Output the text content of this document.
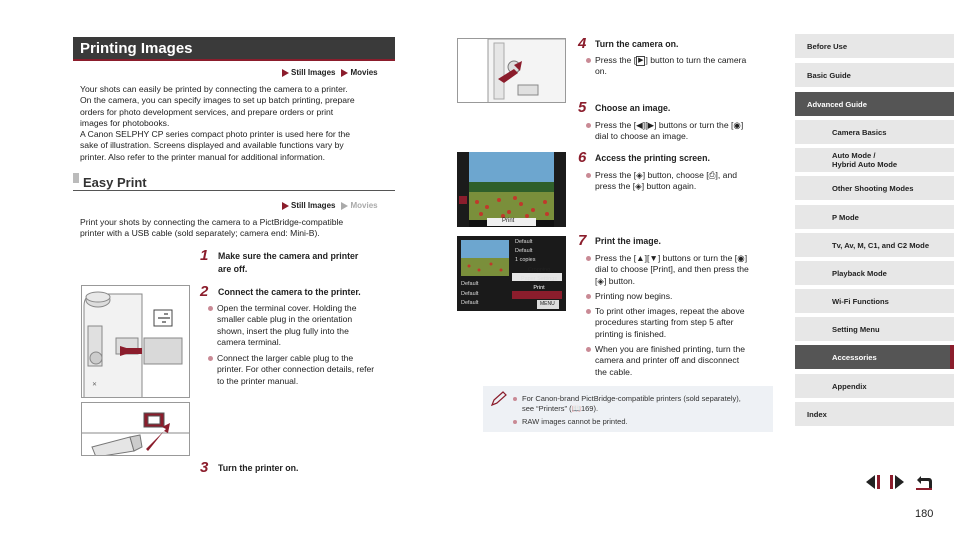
Printing Images
Still Images Movies
Your shots can easily be printed by connecting the camera to a printer.
On the camera, you can specify images to set up batch printing, prepare
orders for photo development services, and prepare orders or print
images for photobooks.
A Canon SELPHY CP series compact photo printer is used here for the
sake of illustration. Screens displayed and available functions vary by
printer. Also refer to the printer manual for additional information.
Easy Print
Still Images Movies
Print your shots by connecting the camera to a PictBridge-compatible
printer with a USB cable (sold separately; camera end: Mini-B).
✕
1 Make sure the camera and printer
are off.
2 Connect the camera to the printer.
Open the terminal cover. Holding the
smaller cable plug in the orientation
shown, insert the plug fully into the
camera terminal.
Connect the larger cable plug to the
printer. For other connection details, refer
to the printer manual.
3 Turn the printer on.
4 Turn the camera on.
Press the [ ▶ ] button to turn the camera
on.
5 Choose an image.
Press the [◀][▶] buttons or turn the [◉]
dial to choose an image.
Print
6 Access the printing screen.
Press the [◈] button, choose [⎙], and
press the [◈] button again.
Default
Default
Default
Default
Default
1 copies
Cropping
Paper Settings
Print
MENU
7 Print the image.
Press the [▲][▼] buttons or turn the [◉]
dial to choose [Print], and then press the
[◈] button.
Printing now begins.
To print other images, repeat the above
procedures starting from step 5 after
printing is finished.
When you are finished printing, turn the
camera and printer off and disconnect
the cable.
For Canon-brand PictBridge-compatible printers (sold separately),
see “Printers” (📖169).
RAW images cannot be printed.
Before Use
Basic Guide
Advanced Guide
Camera Basics
Auto Mode /
Hybrid Auto Mode
Other Shooting Modes
P Mode
Tv, Av, M, C1, and C2 Mode
Playback Mode
Wi-Fi Functions
Setting Menu
Accessories
Appendix
Index
180
